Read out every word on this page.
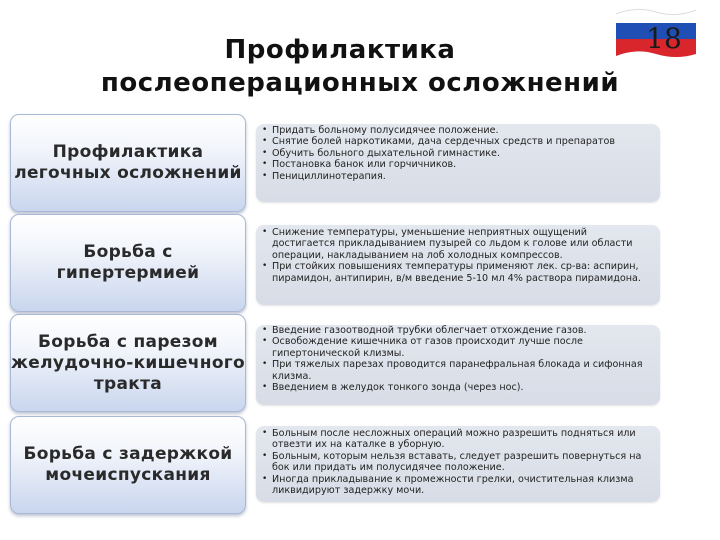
Профилактика
послеоперационных осложнений
18
Профилактика легочных осложнений
• Придать больному полусидячее положение.
• Снятие болей наркотиками, дача сердечных средств и препаратов
• Обучить больного дыхательной гимнастике.
• Постановка банок или горчичников.
• Пенициллинотерапия.
Борьба с гипертермией
• Снижение температуры, уменьшение неприятных ощущений достигается прикладыванием пузырей со льдом к голове или области операции, накладыванием на лоб холодных компрессов.
• При стойких повышениях температуры применяют лек. ср-ва: аспирин, пирамидон, антипирин, в/м введение 5-10 мл 4% раствора пирамидона.
Борьба с парезом желудочно-кишечного тракта
• Введение газоотводной трубки облегчает отхождение газов.
• Освобождение кишечника от газов происходит лучше после гипертонической клизмы.
• При тяжелых парезах проводится паранефральная блокада и сифонная клизма.
• Введением в желудок тонкого зонда (через нос).
Борьба с задержкой мочеиспускания
• Больным после несложных операций можно разрешить подняться или отвезти их на каталке в уборную.
• Больным, которым нельзя вставать, следует разрешить повернуться на бок или придать им полусидячее положение.
• Иногда прикладывание к промежности грелки, очистительная клизма ликвидируют задержку мочи.
